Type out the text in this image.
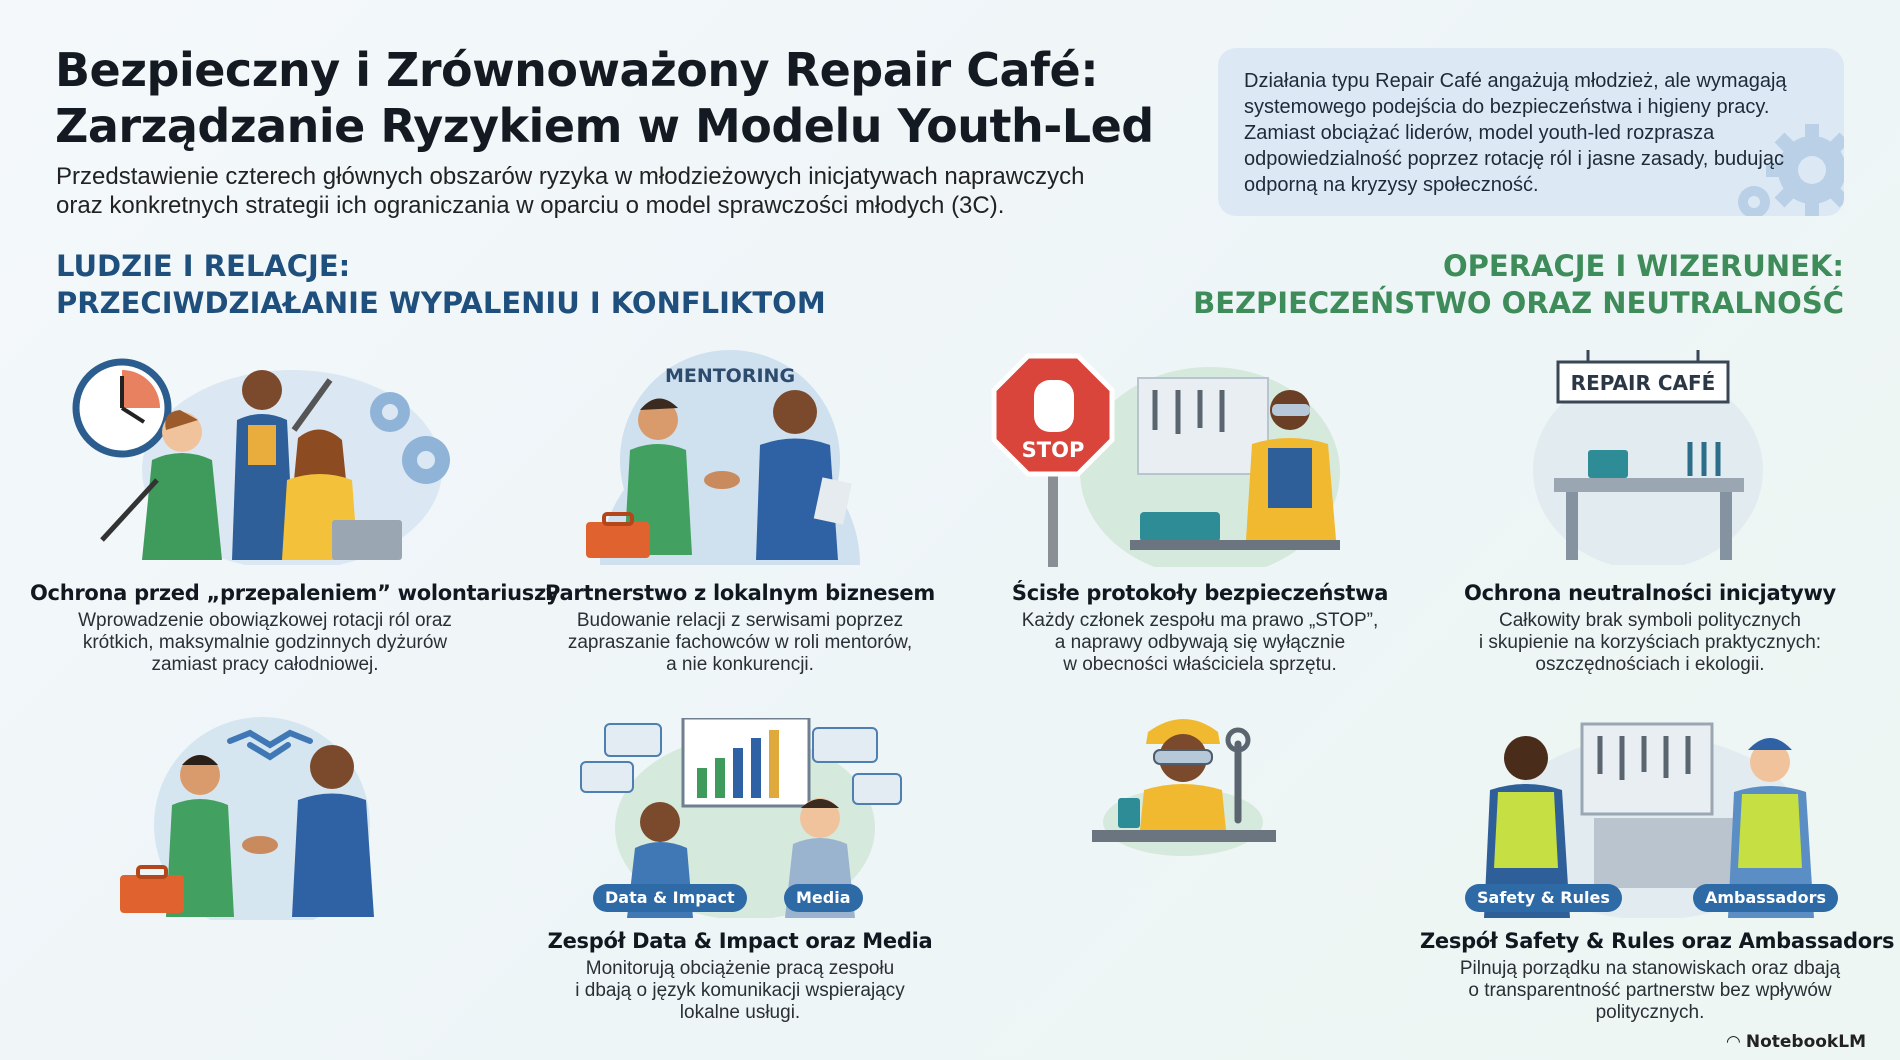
Bezpieczny i Zrównoważony Repair Café:
Zarządzanie Ryzykiem w Modelu Youth-Led
Przedstawienie czterech głównych obszarów ryzyka w młodzieżowych inicjatywach naprawczych
oraz konkretnych strategii ich ograniczania w oparciu o model sprawczości młodych (3C).
Działania typu Repair Café angażują młodzież, ale wymagają systemowego podejścia do bezpieczeństwa i higieny pracy. Zamiast obciążać liderów, model youth-led rozprasza odpowiedzialność poprzez rotację ról i jasne zasady, budując odporną na kryzysy społeczność.
LUDZIE I RELACJE:
PRZECIWDZIAŁANIE WYPALENIU I KONFLIKTOM
OPERACJE I WIZERUNEK:
BEZPIECZEŃSTWO ORAZ NEUTRALNOŚĆ
MENTORING
STOP
REPAIR CAFÉ
Ochrona przed „przepaleniem” wolontariuszy

Wprowadzenie obowiązkowej rotacji ról oraz

krótkich, maksymalnie godzinnych dyżurów

zamiast pracy całodniowej.

Partnerstwo z lokalnym biznesem

Budowanie relacji z serwisami poprzez

zapraszanie fachowców w roli mentorów,

a nie konkurencji.

Ścisłe protokoły bezpieczeństwa

Każdy członek zespołu ma prawo „STOP”,

a naprawy odbywają się wyłącznie

w obecności właściciela sprzętu.

Ochrona neutralności inicjatywy

Całkowity brak symboli politycznych

i skupienie na korzyściach praktycznych:

oszczędnościach i ekologii.

Data & Impact	Media	Safety & Rules	Ambassadors
Zespół Data & Impact oraz Media

Monitorują obciążenie pracą zespołu

i dbają o język komunikacji wspierający

lokalne usługi.

Zespół Safety & Rules oraz Ambassadors

Pilnują porządku na stanowiskach oraz dbają

o transparentność partnerstw bez wpływów

politycznych.

◠ NotebookLM
